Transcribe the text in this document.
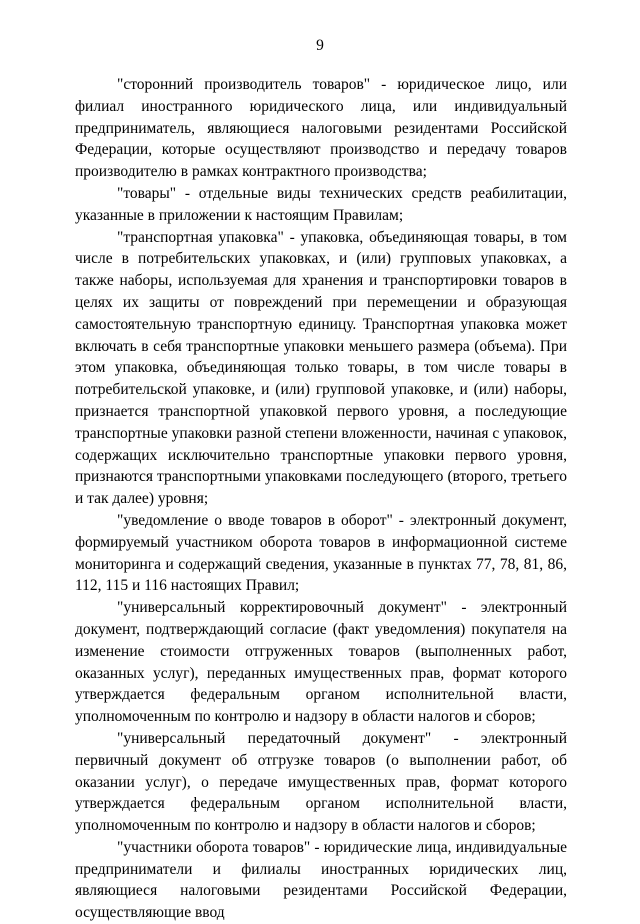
9

"сторонний производитель товаров" - юридическое лицо, или филиал иностранного юридического лица, или индивидуальный предприниматель, являющиеся налоговыми резидентами Российской Федерации, которые осуществляют производство и передачу товаров производителю в рамках контрактного производства;

"товары" - отдельные виды технических средств реабилитации, указанные в приложении к настоящим Правилам;

"транспортная упаковка" - упаковка, объединяющая товары, в том числе в потребительских упаковках, и (или) групповых упаковках, а также наборы, используемая для хранения и транспортировки товаров в целях их защиты от повреждений при перемещении и образующая самостоятельную транспортную единицу. Транспортная упаковка может включать в себя транспортные упаковки меньшего размера (объема). При этом упаковка, объединяющая только товары, в том числе товары в потребительской упаковке, и (или) групповой упаковке, и (или) наборы, признается транспортной упаковкой первого уровня, а последующие транспортные упаковки разной степени вложенности, начиная с упаковок, содержащих исключительно транспортные упаковки первого уровня, признаются транспортными упаковками последующего (второго, третьего и так далее) уровня;

"уведомление о вводе товаров в оборот" - электронный документ, формируемый участником оборота товаров в информационной системе мониторинга и содержащий сведения, указанные в пунктах 77, 78, 81, 86, 112, 115 и 116 настоящих Правил;

"универсальный корректировочный документ" - электронный документ, подтверждающий согласие (факт уведомления) покупателя на изменение стоимости отгруженных товаров (выполненных работ, оказанных услуг), переданных имущественных прав, формат которого утверждается федеральным органом исполнительной власти, уполномоченным по контролю и надзору в области налогов и сборов;

"универсальный передаточный документ" - электронный первичный документ об отгрузке товаров (о выполнении работ, об оказании услуг), о передаче имущественных прав, формат которого утверждается федеральным органом исполнительной власти, уполномоченным по контролю и надзору в области налогов и сборов;

"участники оборота товаров" - юридические лица, индивидуальные предприниматели и филиалы иностранных юридических лиц, являющиеся налоговыми резидентами Российской Федерации, осуществляющие ввод
